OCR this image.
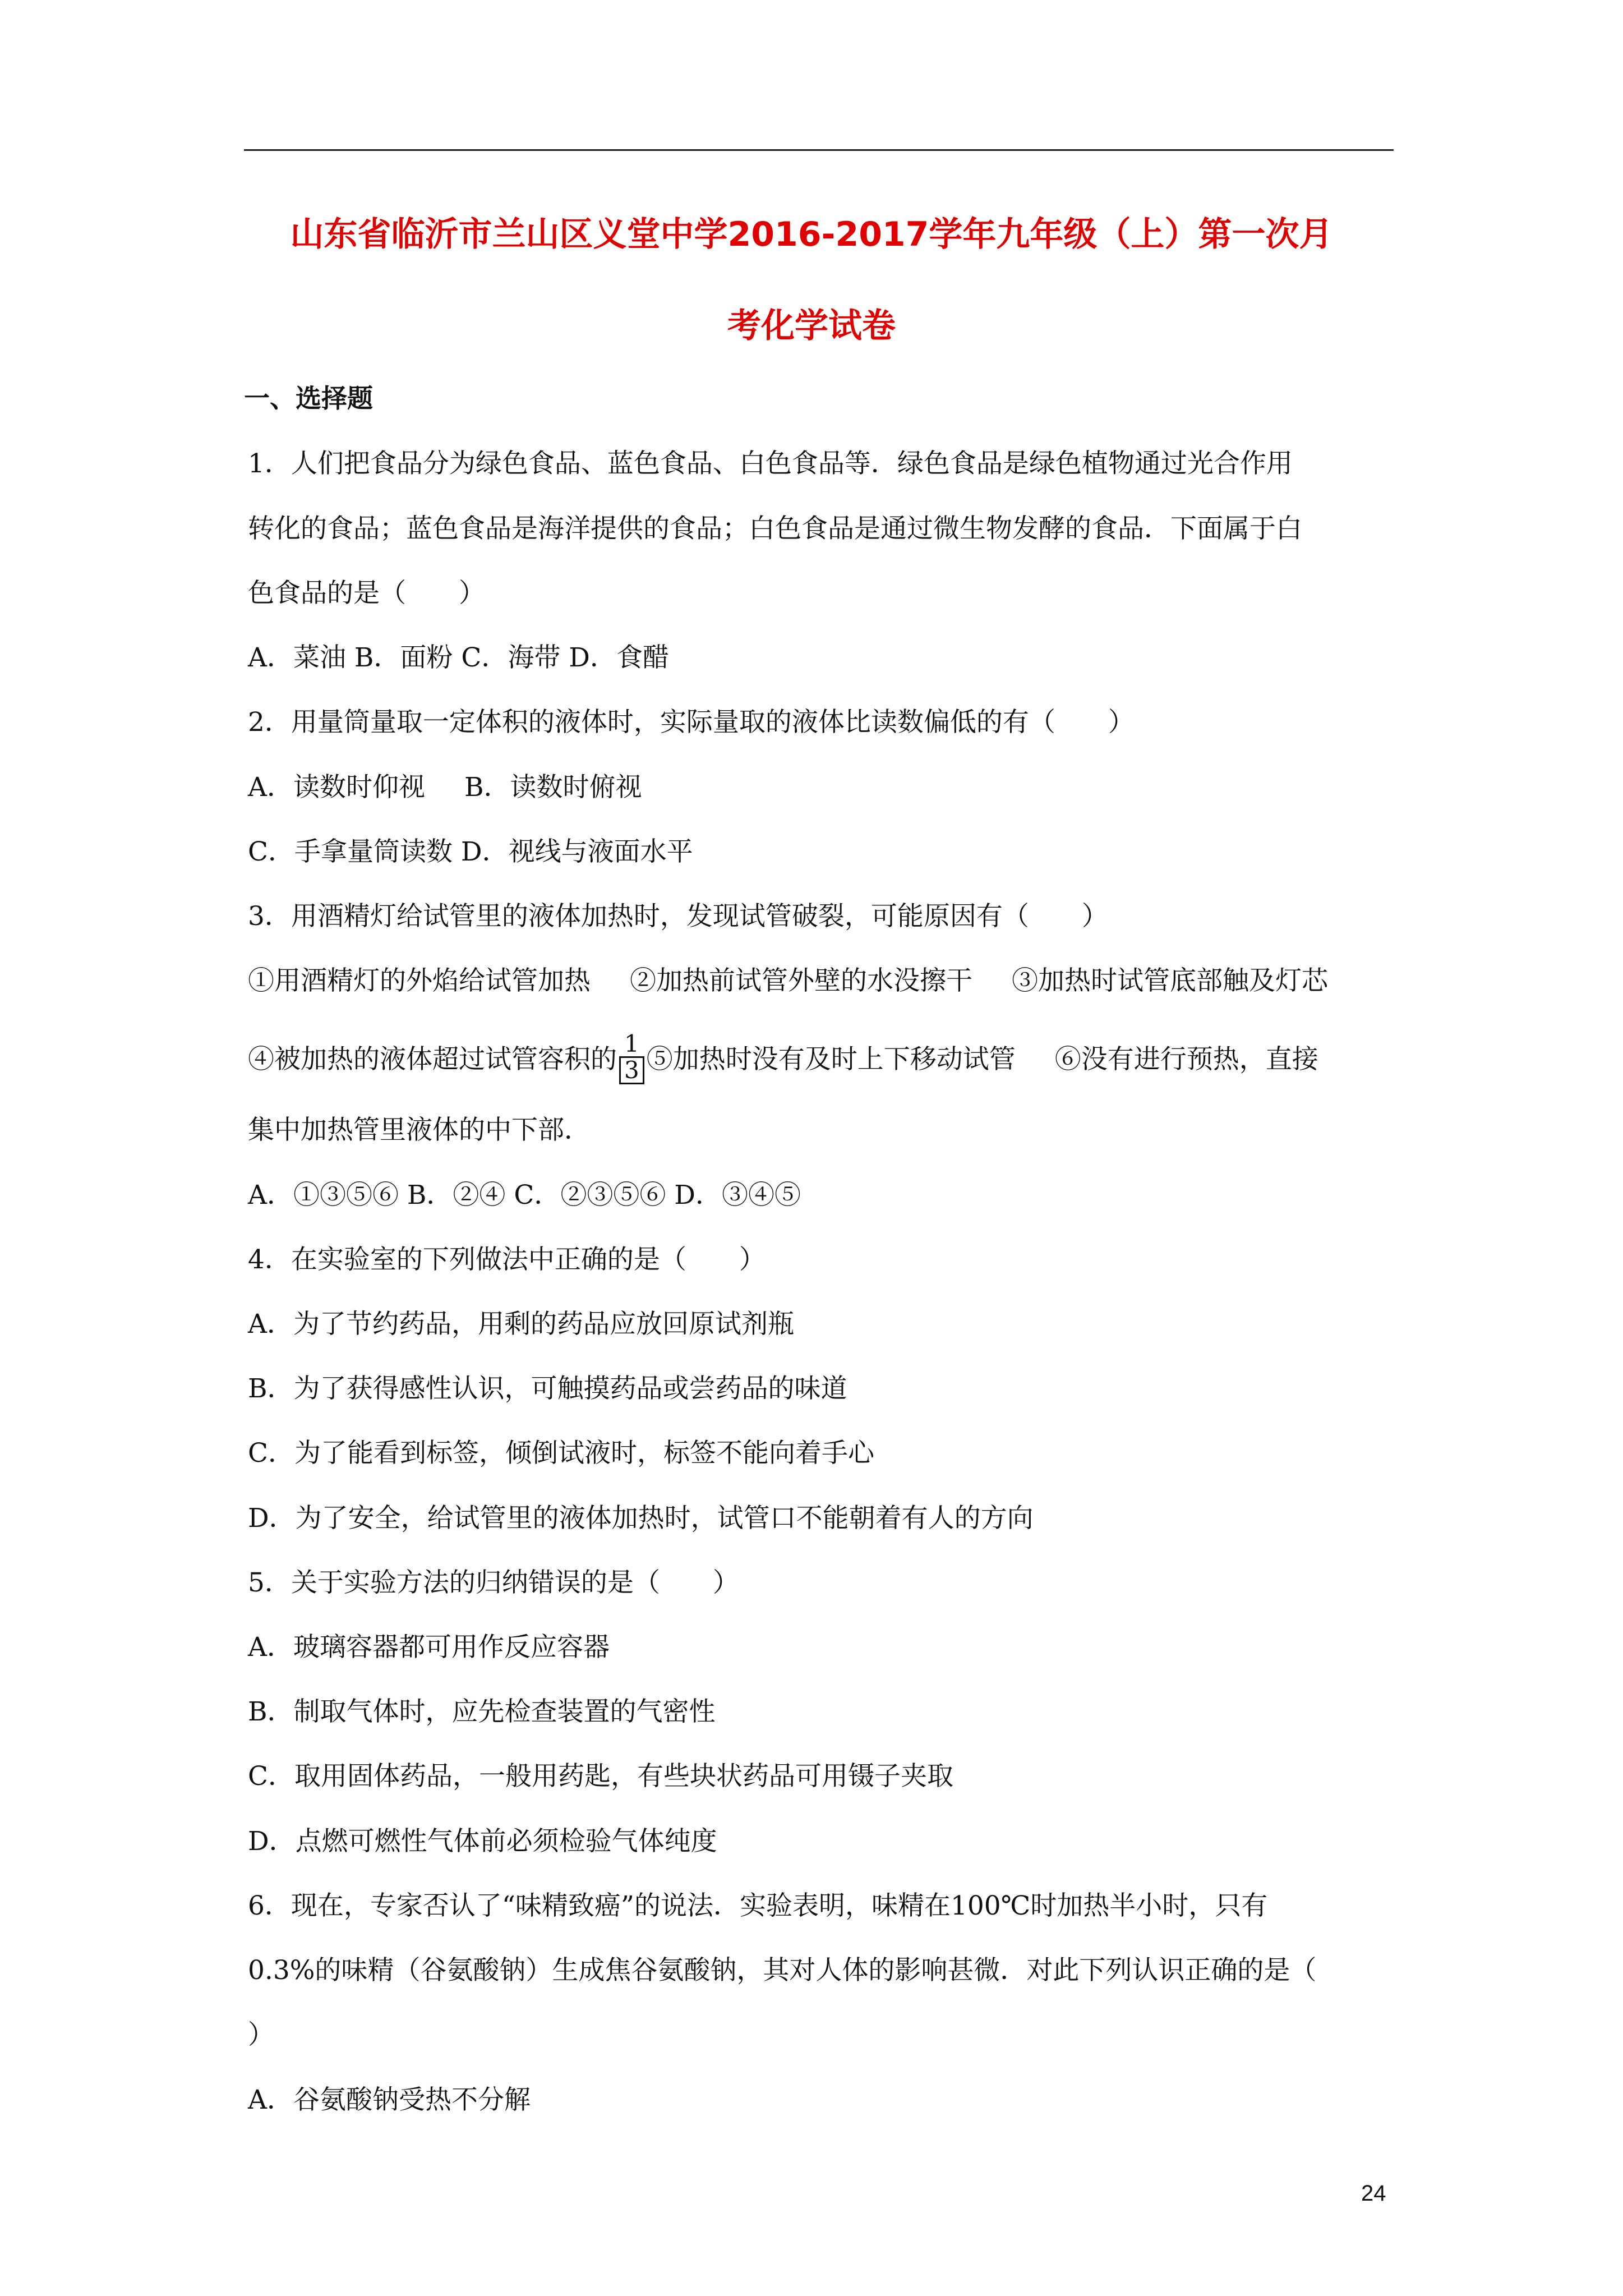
山东省临沂市兰山区义堂中学2016-2017学年九年级（上）第一次月
考化学试卷
一、选择题
1．人们把食品分为绿色食品、蓝色食品、白色食品等．绿色食品是绿色植物通过光合作用
转化的食品；蓝色食品是海洋提供的食品；白色食品是通过微生物发酵的食品．下面属于白
色食品的是（　　）
A．菜油 B．面粉 C．海带 D．食醋
2．用量筒量取一定体积的液体时，实际量取的液体比读数偏低的有（　　）
A．读数时仰视 B．读数时俯视
C．手拿量筒读数 D．视线与液面水平
3．用酒精灯给试管里的液体加热时，发现试管破裂，可能原因有（　　）
①用酒精灯的外焰给试管加热 ②加热前试管外壁的水没擦干 ③加热时试管底部触及灯芯
④被加热的液体超过试管容积的 $\frac{1}{3}$ ⑤加热时没有及时上下移动试管 ⑥没有进行预热，直接
集中加热管里液体的中下部．
A．①③⑤⑥ B．②④ C．②③⑤⑥ D．③④⑤
4．在实验室的下列做法中正确的是（　　）
A．为了节约药品，用剩的药品应放回原试剂瓶
B．为了获得感性认识，可触摸药品或尝药品的味道
C．为了能看到标签，倾倒试液时，标签不能向着手心
D．为了安全，给试管里的液体加热时，试管口不能朝着有人的方向
5．关于实验方法的归纳错误的是（　　）
A．玻璃容器都可用作反应容器
B．制取气体时，应先检查装置的气密性
C．取用固体药品，一般用药匙，有些块状药品可用镊子夹取
D．点燃可燃性气体前必须检验气体纯度
6．现在，专家否认了“味精致癌”的说法．实验表明，味精在100℃时加热半小时，只有
0.3%的味精（谷氨酸钠）生成焦谷氨酸钠，其对人体的影响甚微．对此下列认识正确的是（
）
A．谷氨酸钠受热不分解
24
